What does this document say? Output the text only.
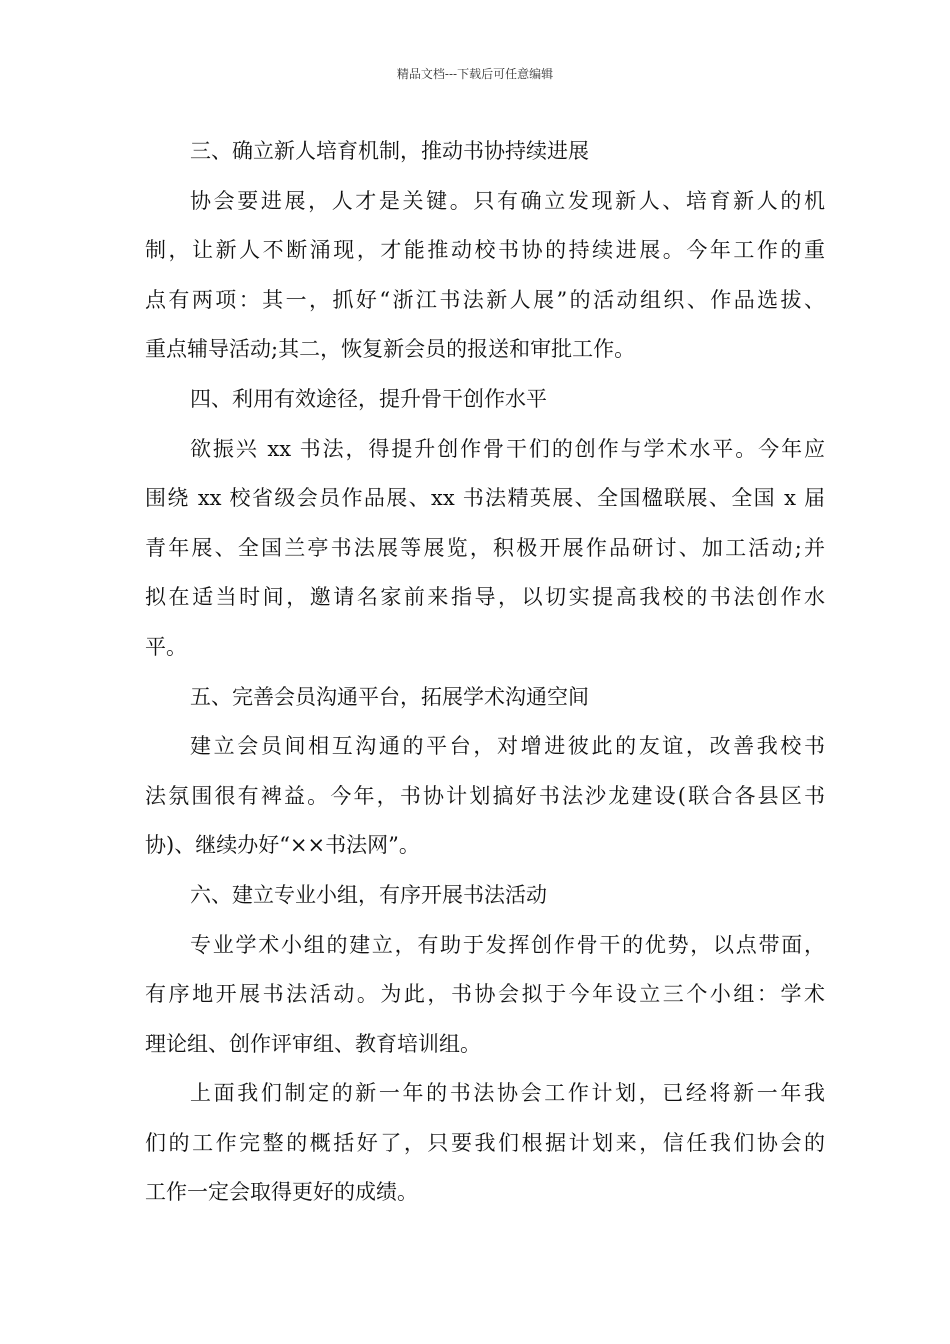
精品文档---下载后可任意编辑
三、确立新人培育机制，推动书协持续进展
协会要进展，人才是关键。只有确立发现新人、培育新人的机
制，让新人不断涌现，才能推动校书协的持续进展。今年工作的重
点有两项：其一，抓好“浙江书法新人展”的活动组织、作品选拔、
重点辅导活动;其二，恢复新会员的报送和审批工作。
四、利用有效途径，提升骨干创作水平
欲振兴 xx 书法，得提升创作骨干们的创作与学术水平。今年应
围绕 xx 校省级会员作品展、xx 书法精英展、全国楹联展、全国 x 届
青年展、全国兰亭书法展等展览，积极开展作品研讨、加工活动;并
拟在适当时间，邀请名家前来指导，以切实提高我校的书法创作水
平。
五、完善会员沟通平台，拓展学术沟通空间
建立会员间相互沟通的平台，对增进彼此的友谊，改善我校书
法氛围很有裨益。今年，书协计划搞好书法沙龙建设(联合各县区书
协)、继续办好“××书法网”。
六、建立专业小组，有序开展书法活动
专业学术小组的建立，有助于发挥创作骨干的优势，以点带面，
有序地开展书法活动。为此，书协会拟于今年设立三个小组：学术
理论组、创作评审组、教育培训组。
上面我们制定的新一年的书法协会工作计划，已经将新一年我
们的工作完整的概括好了，只要我们根据计划来，信任我们协会的
工作一定会取得更好的成绩。
